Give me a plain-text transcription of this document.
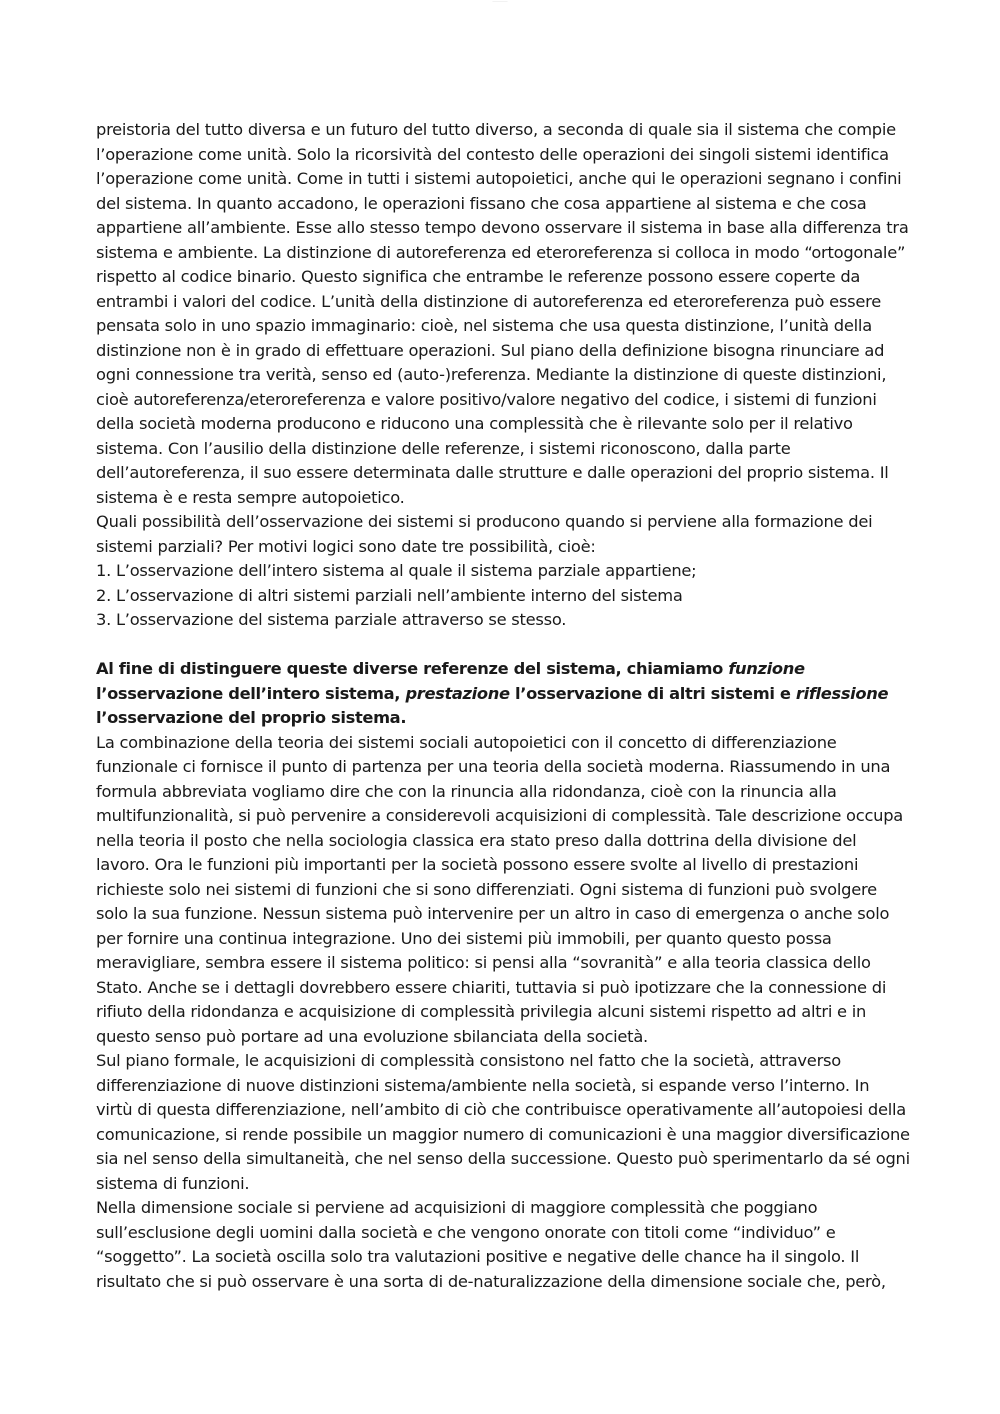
……………

preistoria del tutto diversa e un futuro del tutto diverso, a seconda di quale sia il sistema che compie l’operazione come unità. Solo la ricorsività del contesto delle operazioni dei singoli sistemi identifica l’operazione come unità. Come in tutti i sistemi autopoietici, anche qui le operazioni segnano i confini del sistema. In quanto accadono, le operazioni fissano che cosa appartiene al sistema e che cosa appartiene all’ambiente. Esse allo stesso tempo devono osservare il sistema in base alla differenza tra sistema e ambiente. La distinzione di autoreferenza ed eteroreferenza si colloca in modo “ortogonale” rispetto al codice binario. Questo significa che entrambe le referenze possono essere coperte da entrambi i valori del codice. L’unità della distinzione di autoreferenza ed eteroreferenza può essere pensata solo in uno spazio immaginario: cioè, nel sistema che usa questa distinzione, l’unità della distinzione non è in grado di effettuare operazioni. Sul piano della definizione bisogna rinunciare ad ogni connessione tra verità, senso ed (auto-)referenza. Mediante la distinzione di queste distinzioni, cioè autoreferenza/eteroreferenza e valore positivo/valore negativo del codice, i sistemi di funzioni della società moderna producono e riducono una complessità che è rilevante solo per il relativo sistema. Con l’ausilio della distinzione delle referenze, i sistemi riconoscono, dalla parte dell’autoreferenza, il suo essere determinata dalle strutture e dalle operazioni del proprio sistema. Il sistema è e resta sempre autopoietico.

Quali possibilità dell’osservazione dei sistemi si producono quando si perviene alla formazione dei sistemi parziali? Per motivi logici sono date tre possibilità, cioè:

1. L’osservazione dell’intero sistema al quale il sistema parziale appartiene;
2. L’osservazione di altri sistemi parziali nell’ambiente interno del sistema
3. L’osservazione del sistema parziale attraverso se stesso.

Al fine di distinguere queste diverse referenze del sistema, chiamiamo funzione l’osservazione dell’intero sistema, prestazione l’osservazione di altri sistemi e riflessione l’osservazione del proprio sistema.

La combinazione della teoria dei sistemi sociali autopoietici con il concetto di differenziazione funzionale ci fornisce il punto di partenza per una teoria della società moderna. Riassumendo in una formula abbreviata vogliamo dire che con la rinuncia alla ridondanza, cioè con la rinuncia alla multifunzionalità, si può pervenire a considerevoli acquisizioni di complessità. Tale descrizione occupa nella teoria il posto che nella sociologia classica era stato preso dalla dottrina della divisione del lavoro. Ora le funzioni più importanti per la società possono essere svolte al livello di prestazioni richieste solo nei sistemi di funzioni che si sono differenziati. Ogni sistema di funzioni può svolgere solo la sua funzione. Nessun sistema può intervenire per un altro in caso di emergenza o anche solo per fornire una continua integrazione. Uno dei sistemi più immobili, per quanto questo possa meravigliare, sembra essere il sistema politico: si pensi alla “sovranità” e alla teoria classica dello Stato. Anche se i dettagli dovrebbero essere chiariti, tuttavia si può ipotizzare che la connessione di rifiuto della ridondanza e acquisizione di complessità privilegia alcuni sistemi rispetto ad altri e in questo senso può portare ad una evoluzione sbilanciata della società.

Sul piano formale, le acquisizioni di complessità consistono nel fatto che la società, attraverso differenziazione di nuove distinzioni sistema/ambiente nella società, si espande verso l’interno. In virtù di questa differenziazione, nell’ambito di ciò che contribuisce operativamente all’autopoiesi della comunicazione, si rende possibile un maggior numero di comunicazioni è una maggior diversificazione sia nel senso della simultaneità, che nel senso della successione. Questo può sperimentarlo da sé ogni sistema di funzioni.

Nella dimensione sociale si perviene ad acquisizioni di maggiore complessità che poggiano sull’esclusione degli uomini dalla società e che vengono onorate con titoli come “individuo” e “soggetto”. La società oscilla solo tra valutazioni positive e negative delle chance ha il singolo. Il risultato che si può osservare è una sorta di de-naturalizzazione della dimensione sociale che, però,
